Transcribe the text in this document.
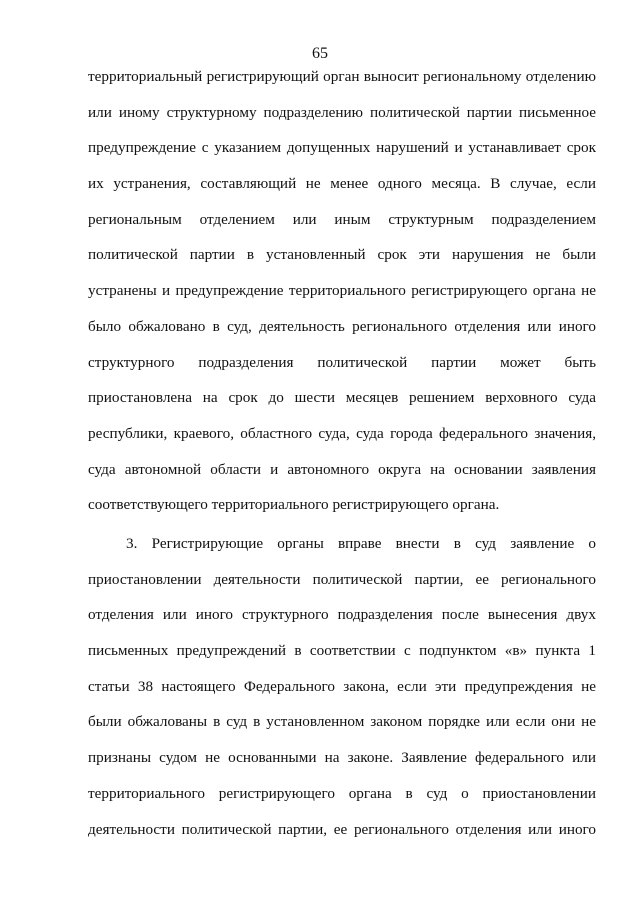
65
территориальный регистрирующий орган выносит региональному отделению
или иному структурному подразделению политической партии письменное
предупреждение с указанием допущенных нарушений и устанавливает срок
их устранения, составляющий не менее одного месяца. В случае, если
региональным отделением или иным структурным подразделением
политической партии в установленный срок эти нарушения не были
устранены и предупреждение территориального регистрирующего органа не
было обжаловано в суд, деятельность регионального отделения или иного
структурного подразделения политической партии может быть
приостановлена на срок до шести месяцев решением верховного суда
республики, краевого, областного суда, суда города федерального значения,
суда автономной области и автономного округа на основании заявления
соответствующего территориального регистрирующего органа.
3. Регистрирующие органы вправе внести в суд заявление о
приостановлении деятельности политической партии, ее регионального
отделения или иного структурного подразделения после вынесения двух
письменных предупреждений в соответствии с подпунктом «в» пункта 1
статьи 38 настоящего Федерального закона, если эти предупреждения не
были обжалованы в суд в установленном законом порядке или если они не
признаны судом не основанными на законе. Заявление федерального или
территориального регистрирующего органа в суд о приостановлении
деятельности политической партии, ее регионального отделения или иного
